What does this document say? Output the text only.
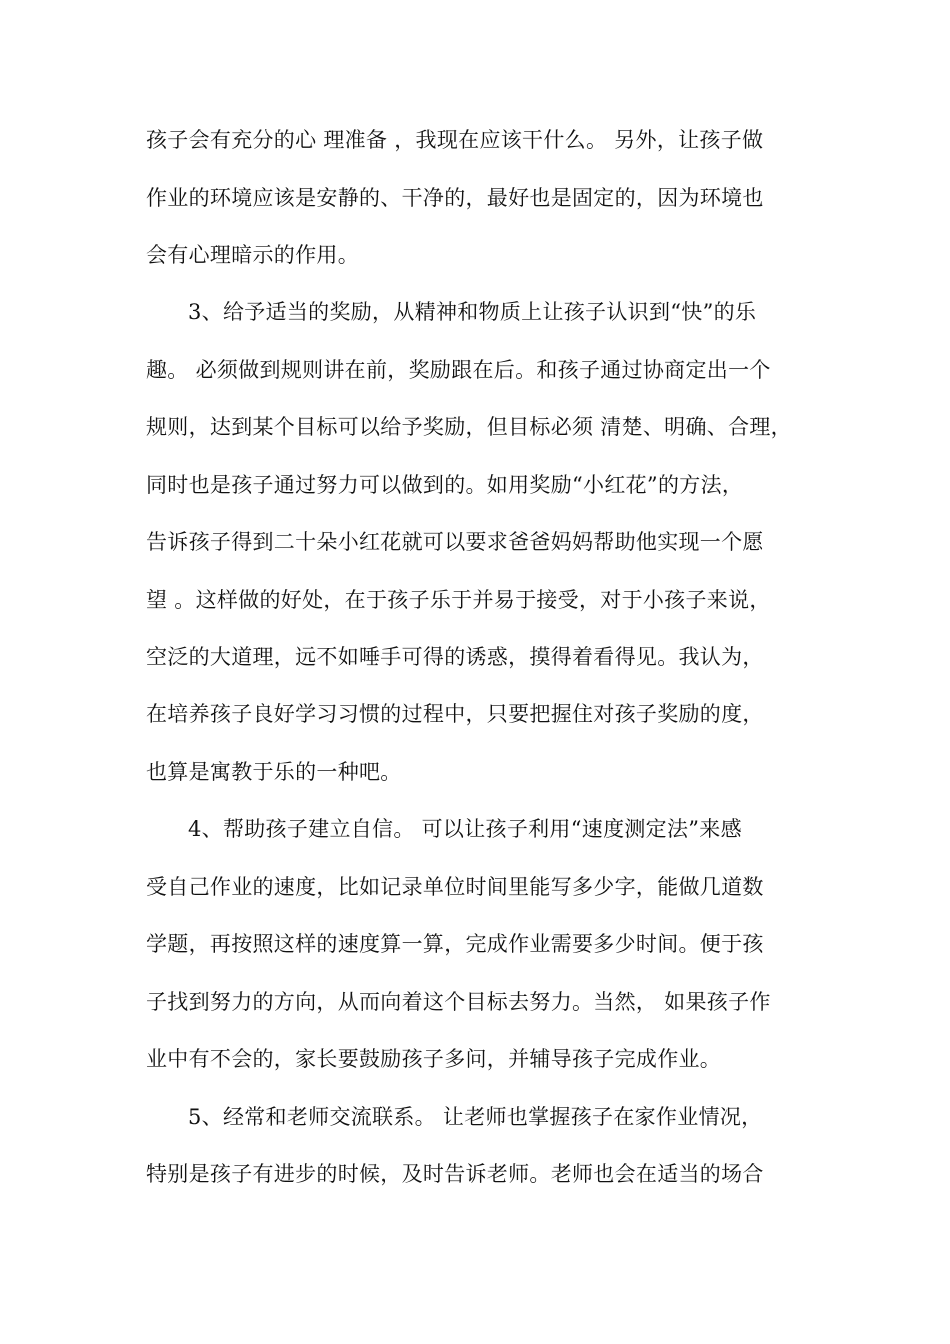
孩子会有充分的心 理准备 ，我现在应该干什么。 另外，让孩子做
作业的环境应该是安静的、干净的，最好也是固定的，因为环境也
会有心理暗示的作用。
3、给予适当的奖励，从精神和物质上让孩子认识到“快”的乐
趣。 必须做到规则讲在前，奖励跟在后。和孩子通过协商定出一个
规则，达到某个目标可以给予奖励，但目标必须 清楚、明确、合理，
同时也是孩子通过努力可以做到的。如用奖励“小红花”的方法，
告诉孩子得到二十朵小红花就可以要求爸爸妈妈帮助他实现一个愿
望 。这样做的好处，在于孩子乐于并易于接受，对于小孩子来说，
空泛的大道理，远不如唾手可得的诱惑，摸得着看得见。我认为，
在培养孩子良好学习习惯的过程中，只要把握住对孩子奖励的度，
也算是寓教于乐的一种吧。
4、帮助孩子建立自信。 可以让孩子利用“速度测定法”来感
受自己作业的速度，比如记录单位时间里能写多少字，能做几道数
学题，再按照这样的速度算一算，完成作业需要多少时间。便于孩
子找到努力的方向，从而向着这个目标去努力。当然， 如果孩子作
业中有不会的，家长要鼓励孩子多问，并辅导孩子完成作业。
5、经常和老师交流联系。 让老师也掌握孩子在家作业情况，
特别是孩子有进步的时候，及时告诉老师。老师也会在适当的场合
